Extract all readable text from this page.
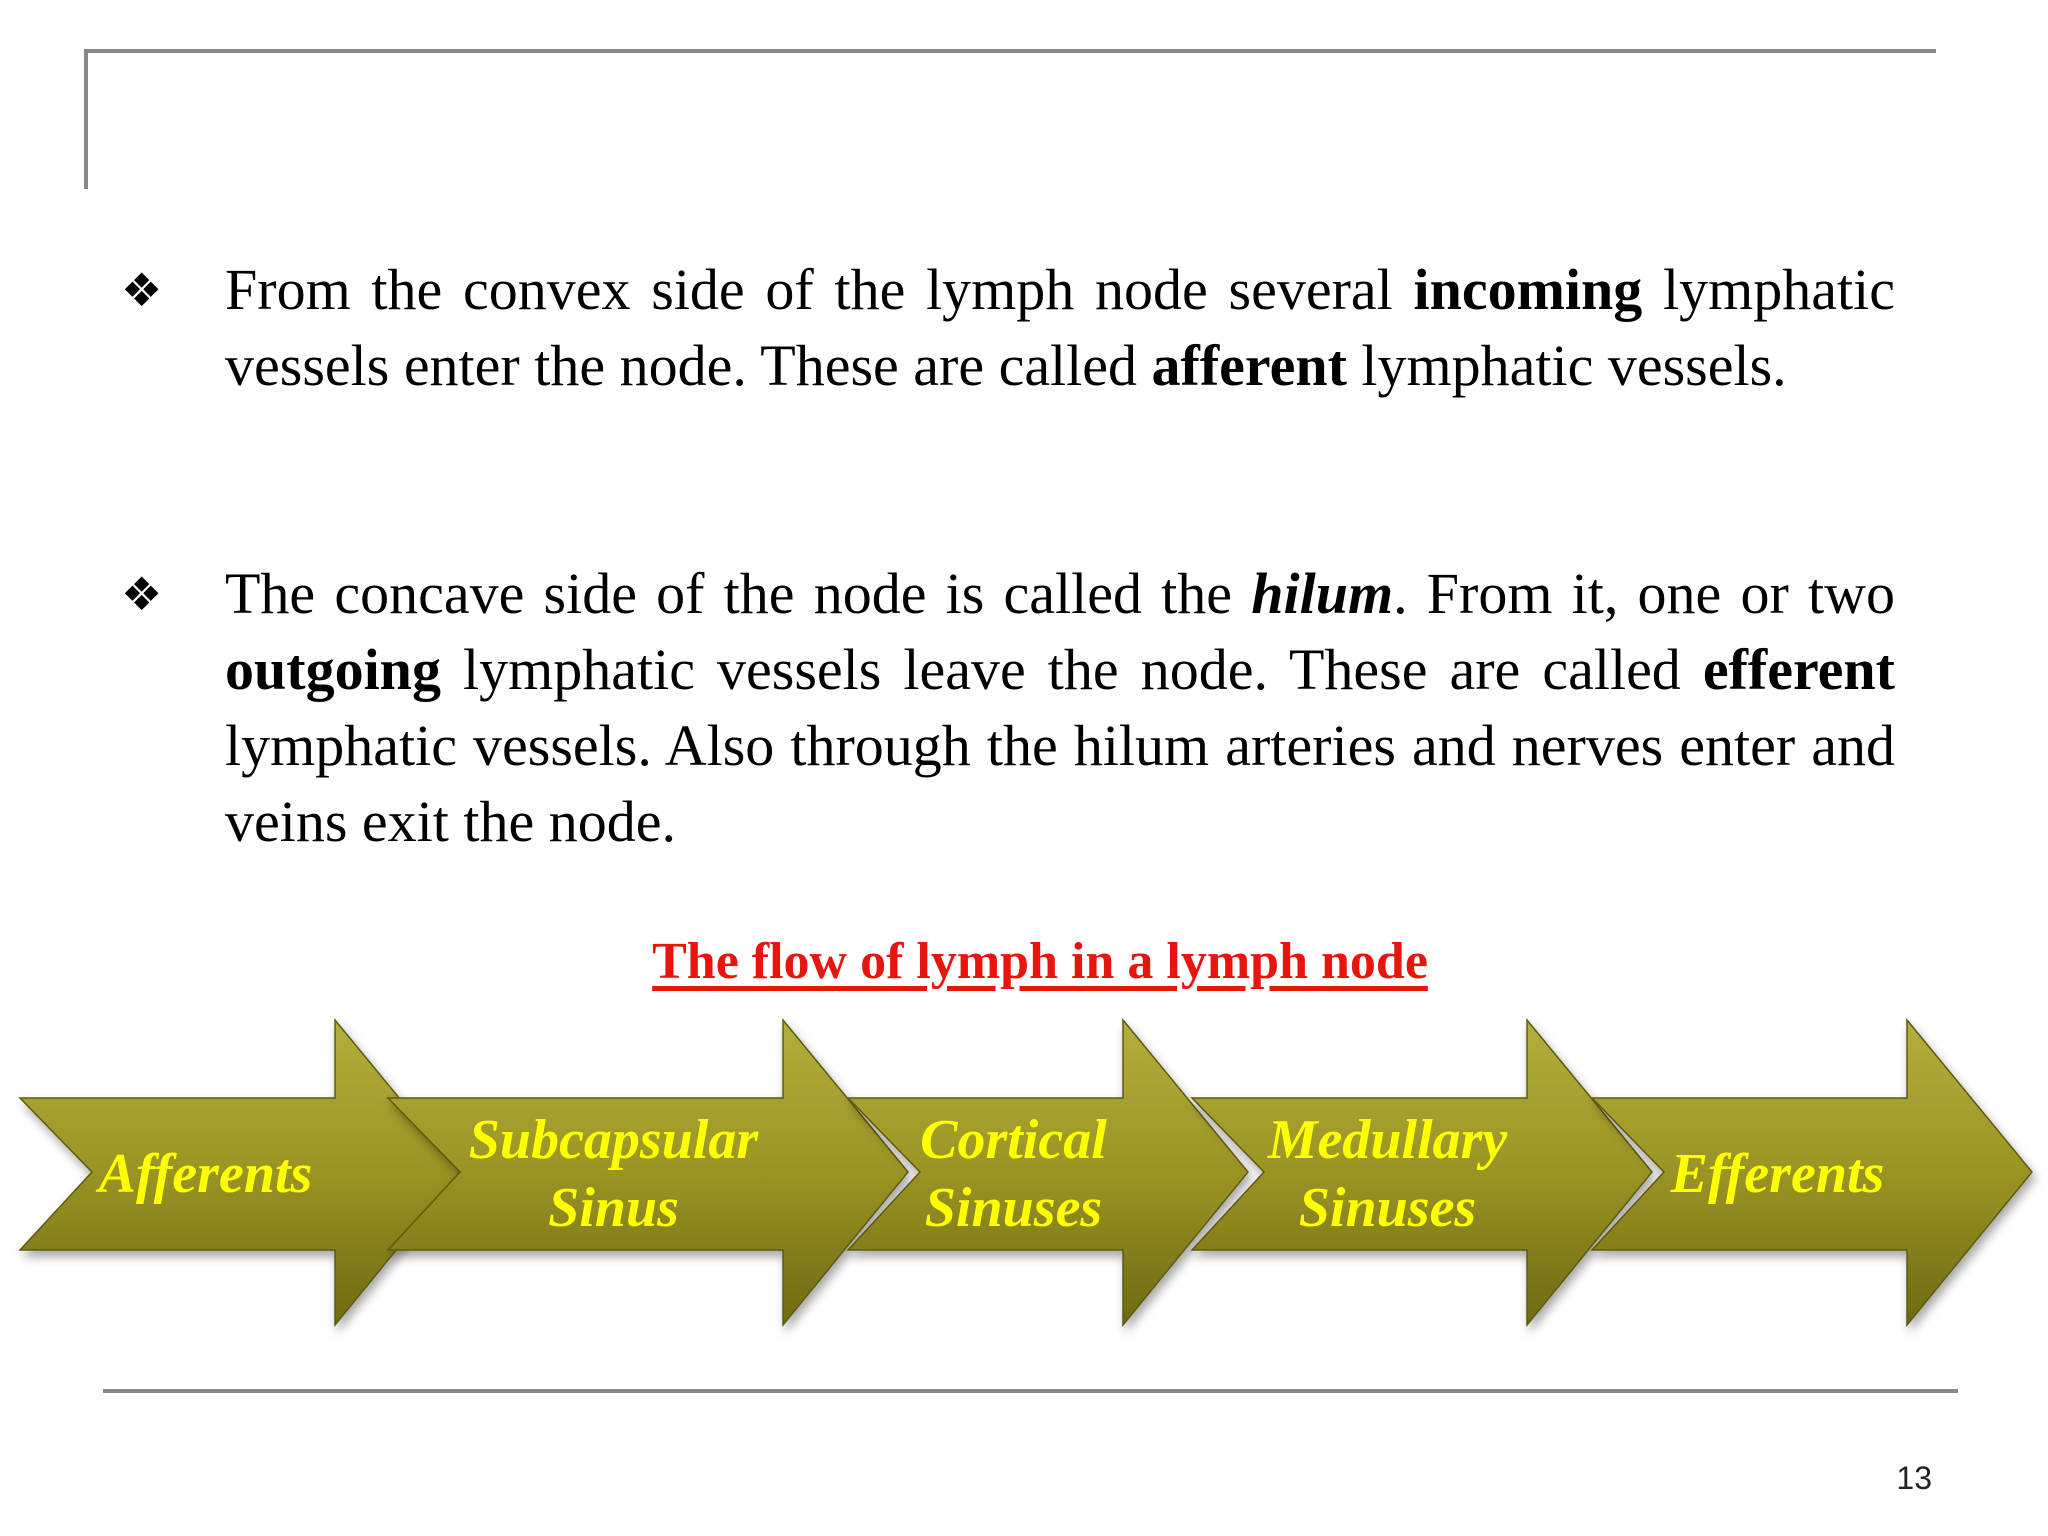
❖ From the convex side of the lymph node several incoming lymphatic vessels enter the node. These are called afferent lymphatic vessels.
❖ The concave side of the node is called the hilum. From it, one or two outgoing lymphatic vessels leave the node. These are called efferent lymphatic vessels. Also through the hilum arteries and nerves enter and veins exit the node.
The flow of lymph in a lymph node
Afferents
Subcapsular
Sinus
Cortical
Sinuses
Medullary
Sinuses
Efferents
13
